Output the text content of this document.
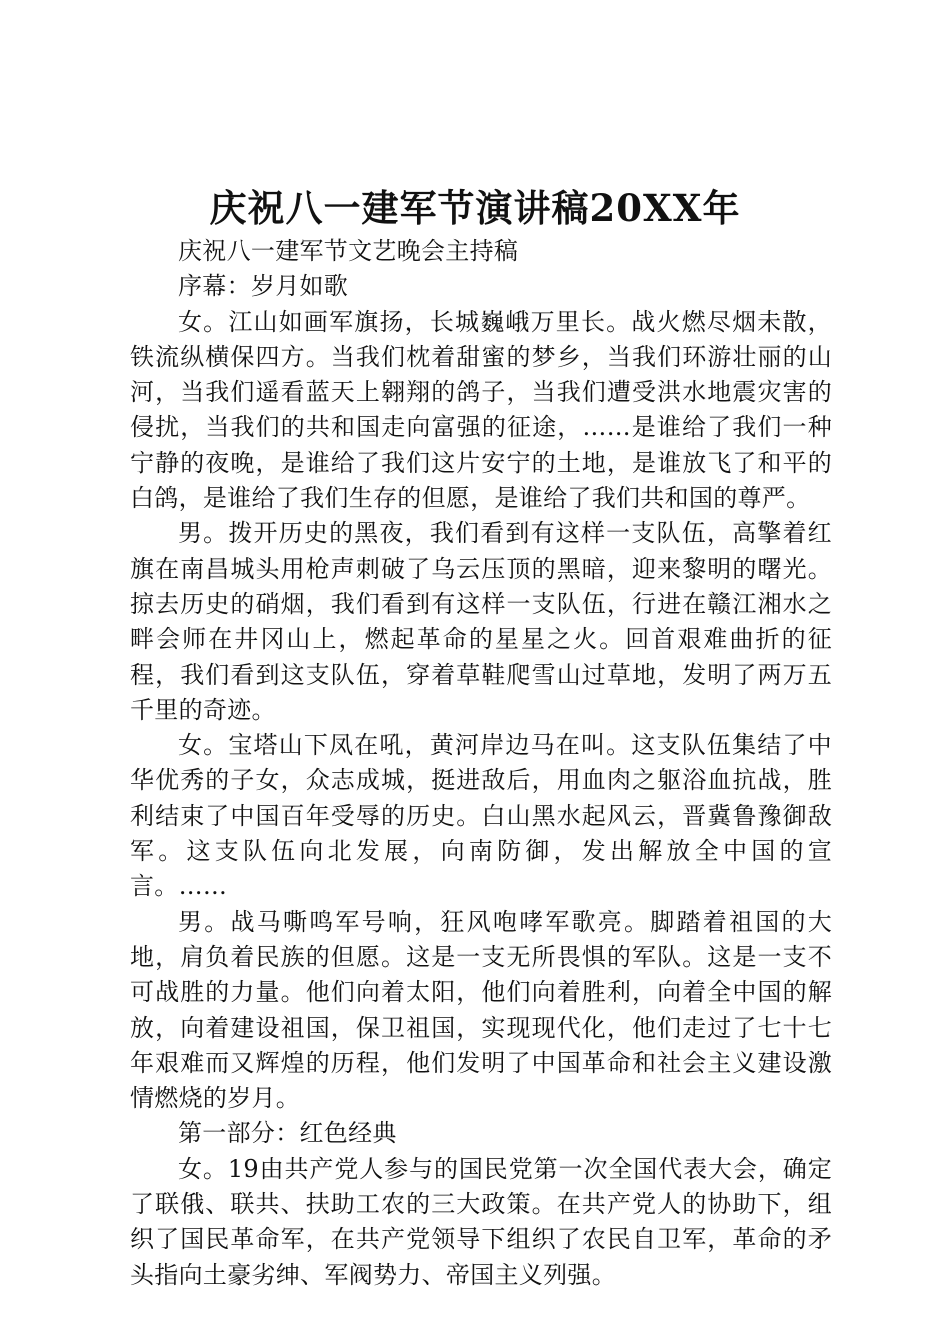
庆祝八一建军节演讲稿20XX年

庆祝八一建军节文艺晚会主持稿

序幕：岁月如歌

女。江山如画军旗扬，长城巍峨万里长。战火燃尽烟未散，铁流纵横保四方。当我们枕着甜蜜的梦乡，当我们环游壮丽的山河，当我们遥看蓝天上翱翔的鸽子，当我们遭受洪水地震灾害的侵扰，当我们的共和国走向富强的征途，……是谁给了我们一种宁静的夜晚，是谁给了我们这片安宁的土地，是谁放飞了和平的白鸽，是谁给了我们生存的但愿，是谁给了我们共和国的尊严。

男。拨开历史的黑夜，我们看到有这样一支队伍，高擎着红旗在南昌城头用枪声刺破了乌云压顶的黑暗，迎来黎明的曙光。掠去历史的硝烟，我们看到有这样一支队伍，行进在赣江湘水之畔会师在井冈山上，燃起革命的星星之火。回首艰难曲折的征程，我们看到这支队伍，穿着草鞋爬雪山过草地，发明了两万五千里的奇迹。

女。宝塔山下凤在吼，黄河岸边马在叫。这支队伍集结了中华优秀的子女，众志成城，挺进敌后，用血肉之躯浴血抗战，胜利结束了中国百年受辱的历史。白山黑水起风云，晋冀鲁豫御敌军。这支队伍向北发展，向南防御，发出解放全中国的宣言。……

男。战马嘶鸣军号响，狂风咆哮军歌亮。脚踏着祖国的大地，肩负着民族的但愿。这是一支无所畏惧的军队。这是一支不可战胜的力量。他们向着太阳，他们向着胜利，向着全中国的解放，向着建设祖国，保卫祖国，实现现代化，他们走过了七十七年艰难而又辉煌的历程，他们发明了中国革命和社会主义建设激情燃烧的岁月。

第一部分：红色经典

女。19由共产党人参与的国民党第一次全国代表大会，确定了联俄、联共、扶助工农的三大政策。在共产党人的协助下，组织了国民革命军，在共产党领导下组织了农民自卫军，革命的矛头指向土豪劣绅、军阀势力、帝国主义列强。
